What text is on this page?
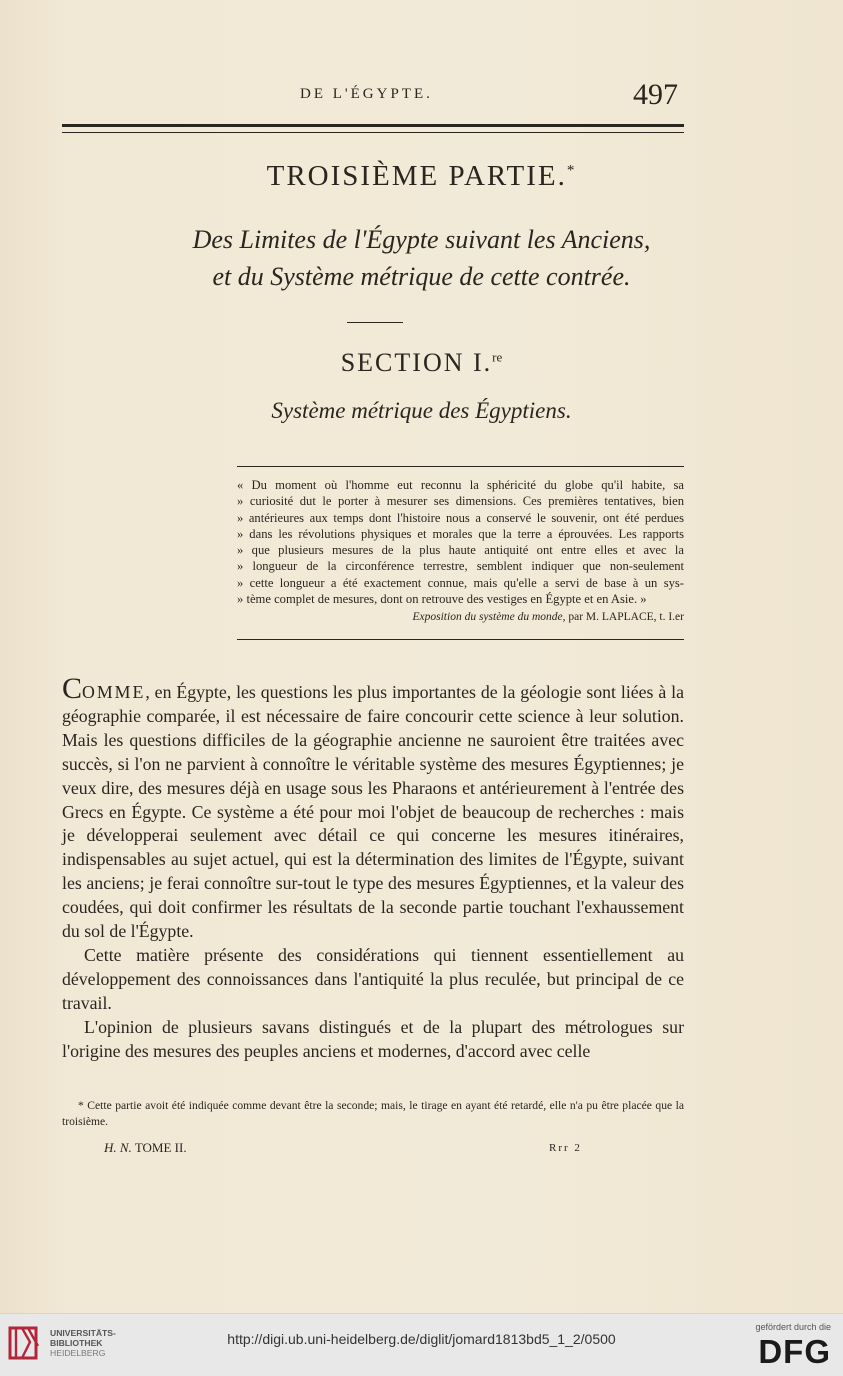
DE L'ÉGYPTE.	497
TROISIÈME PARTIE.*
Des Limites de l'Égypte suivant les Anciens,
et du Système métrique de cette contrée.
SECTION I.$^{re}$
Système métrique des Égyptiens.
« Du moment où l'homme eut reconnu la sphéricité du globe qu'il habite, sa
» curiosité dut le porter à mesurer ses dimensions. Ces premières tentatives, bien
» antérieures aux temps dont l'histoire nous a conservé le souvenir, ont été perdues
» dans les révolutions physiques et morales que la terre a éprouvées. Les rapports
» que plusieurs mesures de la plus haute antiquité ont entre elles et avec la
» longueur de la circonférence terrestre, semblent indiquer que non-seulement
» cette longueur a été exactement connue, mais qu'elle a servi de base à un sys-
» tème complet de mesures, dont on retrouve des vestiges en Égypte et en Asie. »
Exposition du système du monde, par M. LAPLACE, t. I.er

COMME, en Égypte, les questions les plus importantes de la géologie sont liées à la géographie comparée, il est nécessaire de faire concourir cette science à leur solution. Mais les questions difficiles de la géographie ancienne ne sauroient être traitées avec succès, si l'on ne parvient à connoître le véritable système des mesures Égyptiennes; je veux dire, des mesures déjà en usage sous les Pharaons et antérieurement à l'entrée des Grecs en Égypte. Ce système a été pour moi l'objet de beaucoup de recherches : mais je développerai seulement avec détail ce qui concerne les mesures itinéraires, indispensables au sujet actuel, qui est la détermination des limites de l'Égypte, suivant les anciens; je ferai connoître sur-tout le type des mesures Égyptiennes, et la valeur des coudées, qui doit confirmer les résultats de la seconde partie touchant l'exhaussement du sol de l'Égypte.

Cette matière présente des considérations qui tiennent essentiellement au développement des connoissances dans l'antiquité la plus reculée, but principal de ce travail.

L'opinion de plusieurs savans distingués et de la plupart des métrologues sur l'origine des mesures des peuples anciens et modernes, d'accord avec celle

* Cette partie avoit été indiquée comme devant être la seconde; mais, le tirage en ayant été retardé, elle n'a pu être placée que la troisième.
H. N. TOME II.	Rrr 2
UNIVERSITÄTS-
BIBLIOTHEK
HEIDELBERG
http://digi.ub.uni-heidelberg.de/diglit/jomard1813bd5_1_2/0500
gefördert durch die
DFG
